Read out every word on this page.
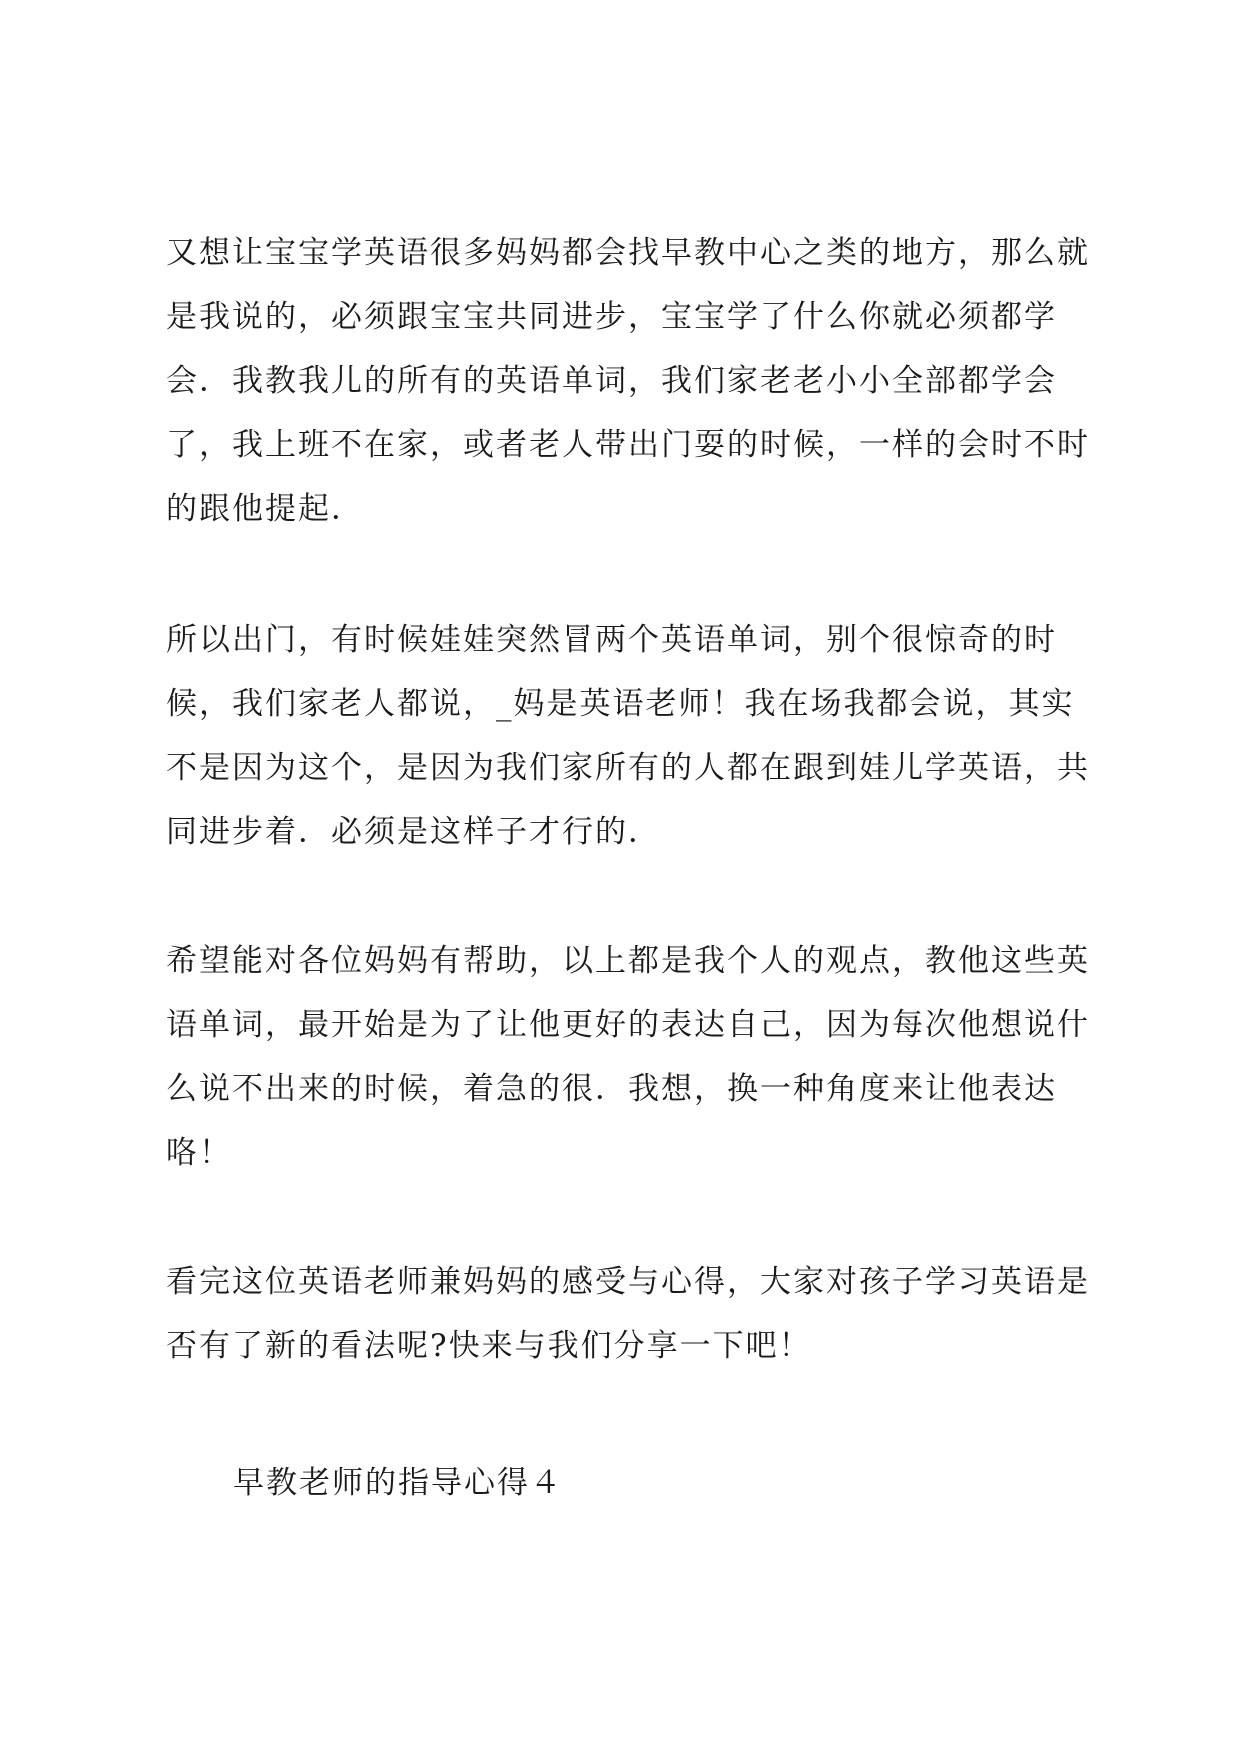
又想让宝宝学英语很多妈妈都会找早教中心之类的地方，那么就
是我说的，必须跟宝宝共同进步，宝宝学了什么你就必须都学
会．我教我儿的所有的英语单词，我们家老老小小全部都学会
了，我上班不在家，或者老人带出门耍的时候，一样的会时不时
的跟他提起．

所以出门，有时候娃娃突然冒两个英语单词，别个很惊奇的时
候，我们家老人都说，_妈是英语老师！我在场我都会说，其实
不是因为这个，是因为我们家所有的人都在跟到娃儿学英语，共
同进步着．必须是这样子才行的．

希望能对各位妈妈有帮助，以上都是我个人的观点，教他这些英
语单词，最开始是为了让他更好的表达自己，因为每次他想说什
么说不出来的时候，着急的很．我想，换一种角度来让他表达
咯！

看完这位英语老师兼妈妈的感受与心得，大家对孩子学习英语是
否有了新的看法呢?快来与我们分享一下吧！

早教老师的指导心得４
